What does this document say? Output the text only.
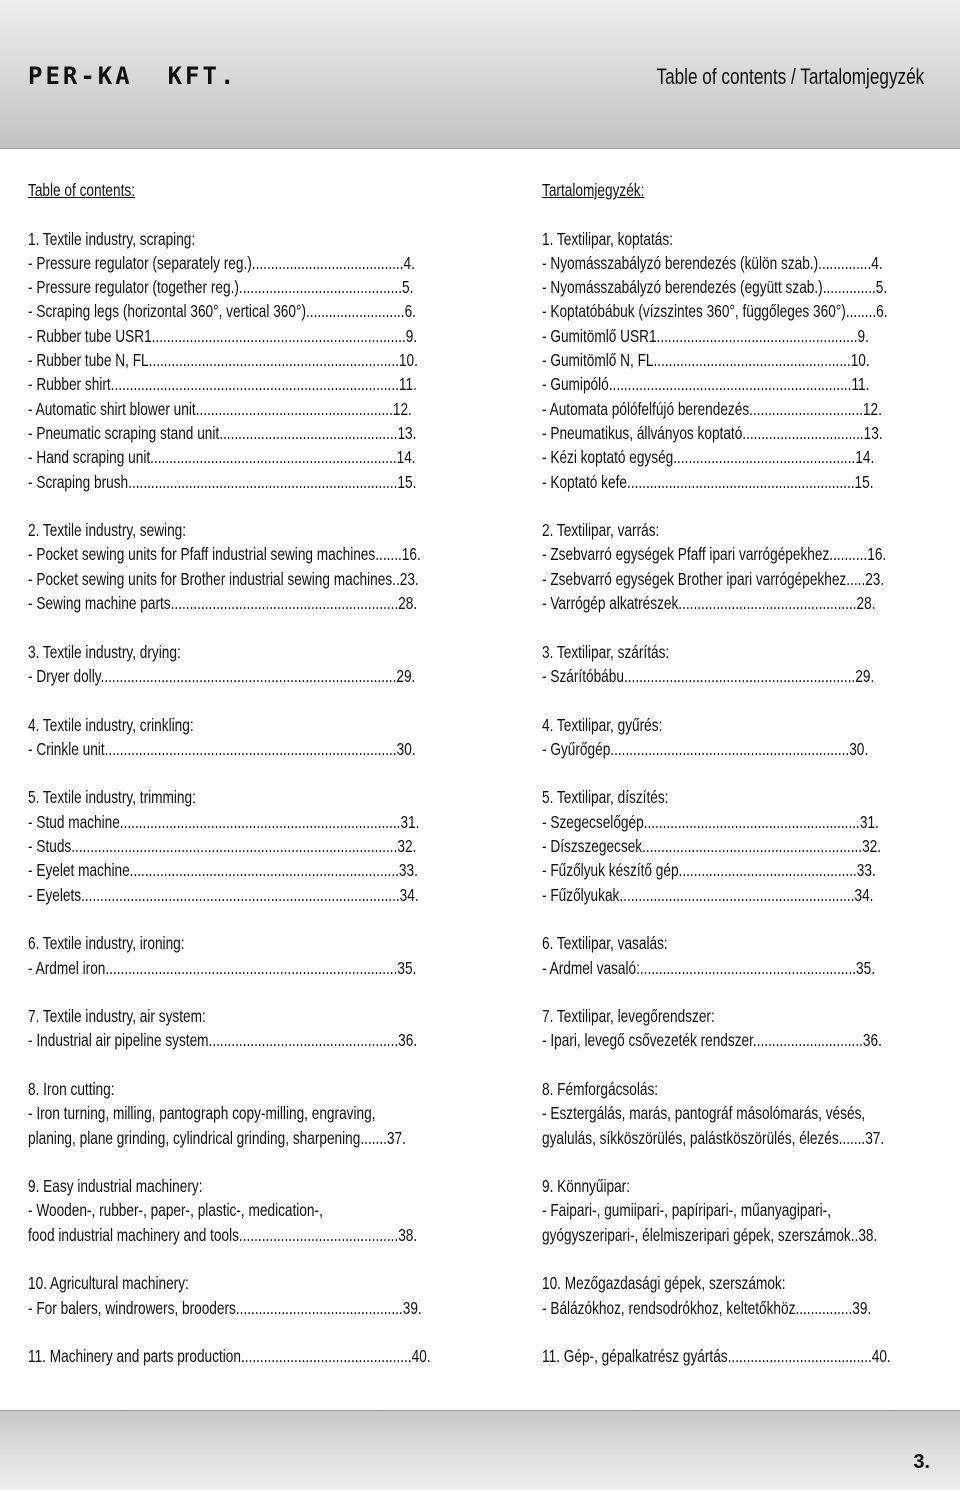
PER-KA  KFT.	Table of contents / Tartalomjegyzék
Table of contents:
1. Textile industry, scraping:
- Pressure regulator (separately reg.)........................................4.
- Pressure regulator (together reg.)...........................................5.
- Scraping legs (horizontal 360°, vertical 360°)..........................6.
- Rubber tube USR1...................................................................9.
- Rubber tube N, FL..................................................................10.
- Rubber shirt............................................................................11.
- Automatic shirt blower unit....................................................12.
- Pneumatic scraping stand unit...............................................13.
- Hand scraping unit.................................................................14.
- Scraping brush.......................................................................15.
2. Textile industry, sewing:
- Pocket sewing units for Pfaff industrial sewing machines.......16.
- Pocket sewing units for Brother industrial sewing machines..23.
- Sewing machine parts............................................................28.
3. Textile industry, drying:
- Dryer dolly..............................................................................29.
4. Textile industry, crinkling:
- Crinkle unit.............................................................................30.
5. Textile industry, trimming:
- Stud machine..........................................................................31.
- Studs......................................................................................32.
- Eyelet machine.......................................................................33.
- Eyelets....................................................................................34.
6. Textile industry, ironing:
- Ardmel iron.............................................................................35.
7. Textile industry, air system:
- Industrial air pipeline system..................................................36.
8. Iron cutting:
- Iron turning, milling, pantograph copy-milling, engraving,
planing, plane grinding, cylindrical grinding, sharpening.......37.
9. Easy industrial machinery:
- Wooden-, rubber-, paper-, plastic-, medication-,
food industrial machinery and tools..........................................38.
10. Agricultural machinery:
- For balers, windrowers, brooders............................................39.
11. Machinery and parts production.............................................40.
Tartalomjegyzék:
1. Textilipar, koptatás:
- Nyomásszabályzó berendezés (külön szab.)..............4.
- Nyomásszabályzó berendezés (együtt szab.)..............5.
- Koptatóbábuk (vízszintes 360°, függőleges 360°)........6.
- Gumitömlő USR1.....................................................9.
- Gumitömlő N, FL....................................................10.
- Gumipóló................................................................11.
- Automata pólófelfújó berendezés..............................12.
- Pneumatikus, állványos koptató................................13.
- Kézi koptató egység................................................14.
- Koptató kefe............................................................15.
2. Textilipar, varrás:
- Zsebvarró egységek Pfaff ipari varrógépekhez..........16.
- Zsebvarró egységek Brother ipari varrógépekhez.....23.
- Varrógép alkatrészek...............................................28.
3. Textilipar, szárítás:
- Szárítóbábu.............................................................29.
4. Textilipar, gyűrés:
- Gyűrőgép...............................................................30.
5. Textilipar, díszítés:
- Szegecselőgép.........................................................31.
- Díszszegecsek..........................................................32.
- Fűzőlyuk készítő gép...............................................33.
- Fűzőlyukak..............................................................34.
6. Textilipar, vasalás:
- Ardmel vasaló:.........................................................35.
7. Textilipar, levegőrendszer:
- Ipari, levegő csővezeték rendszer.............................36.
8. Fémforgácsolás:
- Esztergálás, marás, pantográf másolómarás, vésés,
gyalulás, síkköszörülés, palástköszörülés, élezés.......37.
9. Könnyűipar:
- Faipari-, gumiipari-, papíripari-, műanyagipari-,
gyógyszeripari-, élelmiszeripari gépek, szerszámok..38.
10. Mezőgazdasági gépek, szerszámok:
- Bálázókhoz, rendsodrókhoz, keltetőkhöz...............39.
11. Gép-, gépalkatrész gyártás......................................40.
3.
